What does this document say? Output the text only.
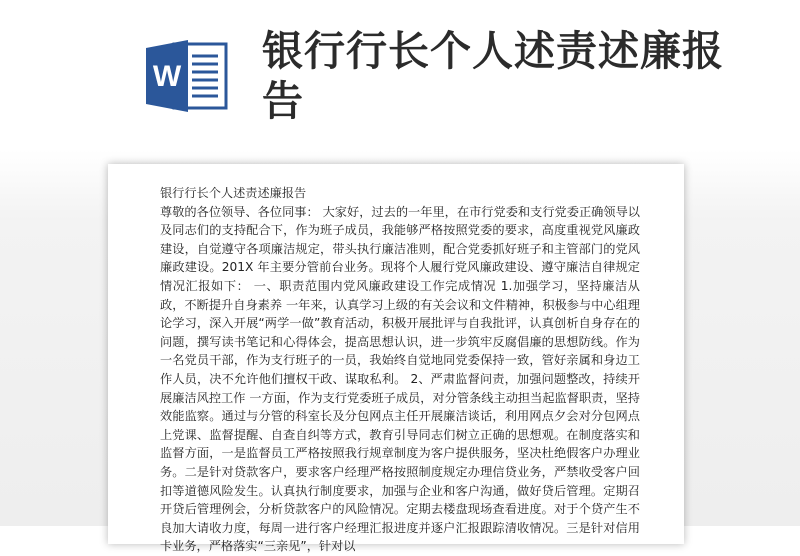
W
银行行长个人述责述廉报告
银行行长个人述责述廉报告
尊敬的各位领导、各位同事： 大家好，过去的一年里，在市行党委和支行党委正确领导以及同志们的支持配合下，作为班子成员，我能够严格按照党委的要求，高度重视党风廉政建设，自觉遵守各项廉洁规定，带头执行廉洁准则，配合党委抓好班子和主管部门的党风廉政建设。201X 年主要分管前台业务。现将个人履行党风廉政建设、遵守廉洁自律规定情况汇报如下： 一、职责范围内党风廉政建设工作完成情况 1.加强学习，坚持廉洁从政，不断提升自身素养 一年来，认真学习上级的有关会议和文件精神，积极参与中心组理论学习，深入开展“两学一做”教育活动，积极开展批评与自我批评，认真创析自身存在的问题，撰写读书笔记和心得体会，提高思想认识，进一步筑牢反腐倡廉的思想防线。作为一名党员干部，作为支行班子的一员，我始终自觉地同党委保持一致，管好亲属和身边工作人员，决不允许他们擅权干政、谋取私利。 2、严肃监督问责，加强问题整改，持续开展廉洁风控工作 一方面，作为支行党委班子成员，对分管条线主动担当起监督职责，坚持效能监察。通过与分管的科室长及分包网点主任开展廉洁谈话，利用网点夕会对分包网点上党课、监督提醒、自查自纠等方式，教育引导同志们树立正确的思想观。在制度落实和监督方面，一是监督员工严格按照我行规章制度为客户提供服务，坚决杜绝假客户办理业务。二是针对贷款客户，要求客户经理严格按照制度规定办理信贷业务，严禁收受客户回扣等道德风险发生。认真执行制度要求，加强与企业和客户沟通，做好贷后管理。定期召开贷后管理例会，分析贷款客户的风险情况。定期去楼盘现场查看进度。对于个贷产生不良加大请收力度，每周一进行客户经理汇报进度并逐户汇报跟踪清收情况。三是针对信用卡业务，严格落实“三亲见”，针对以
